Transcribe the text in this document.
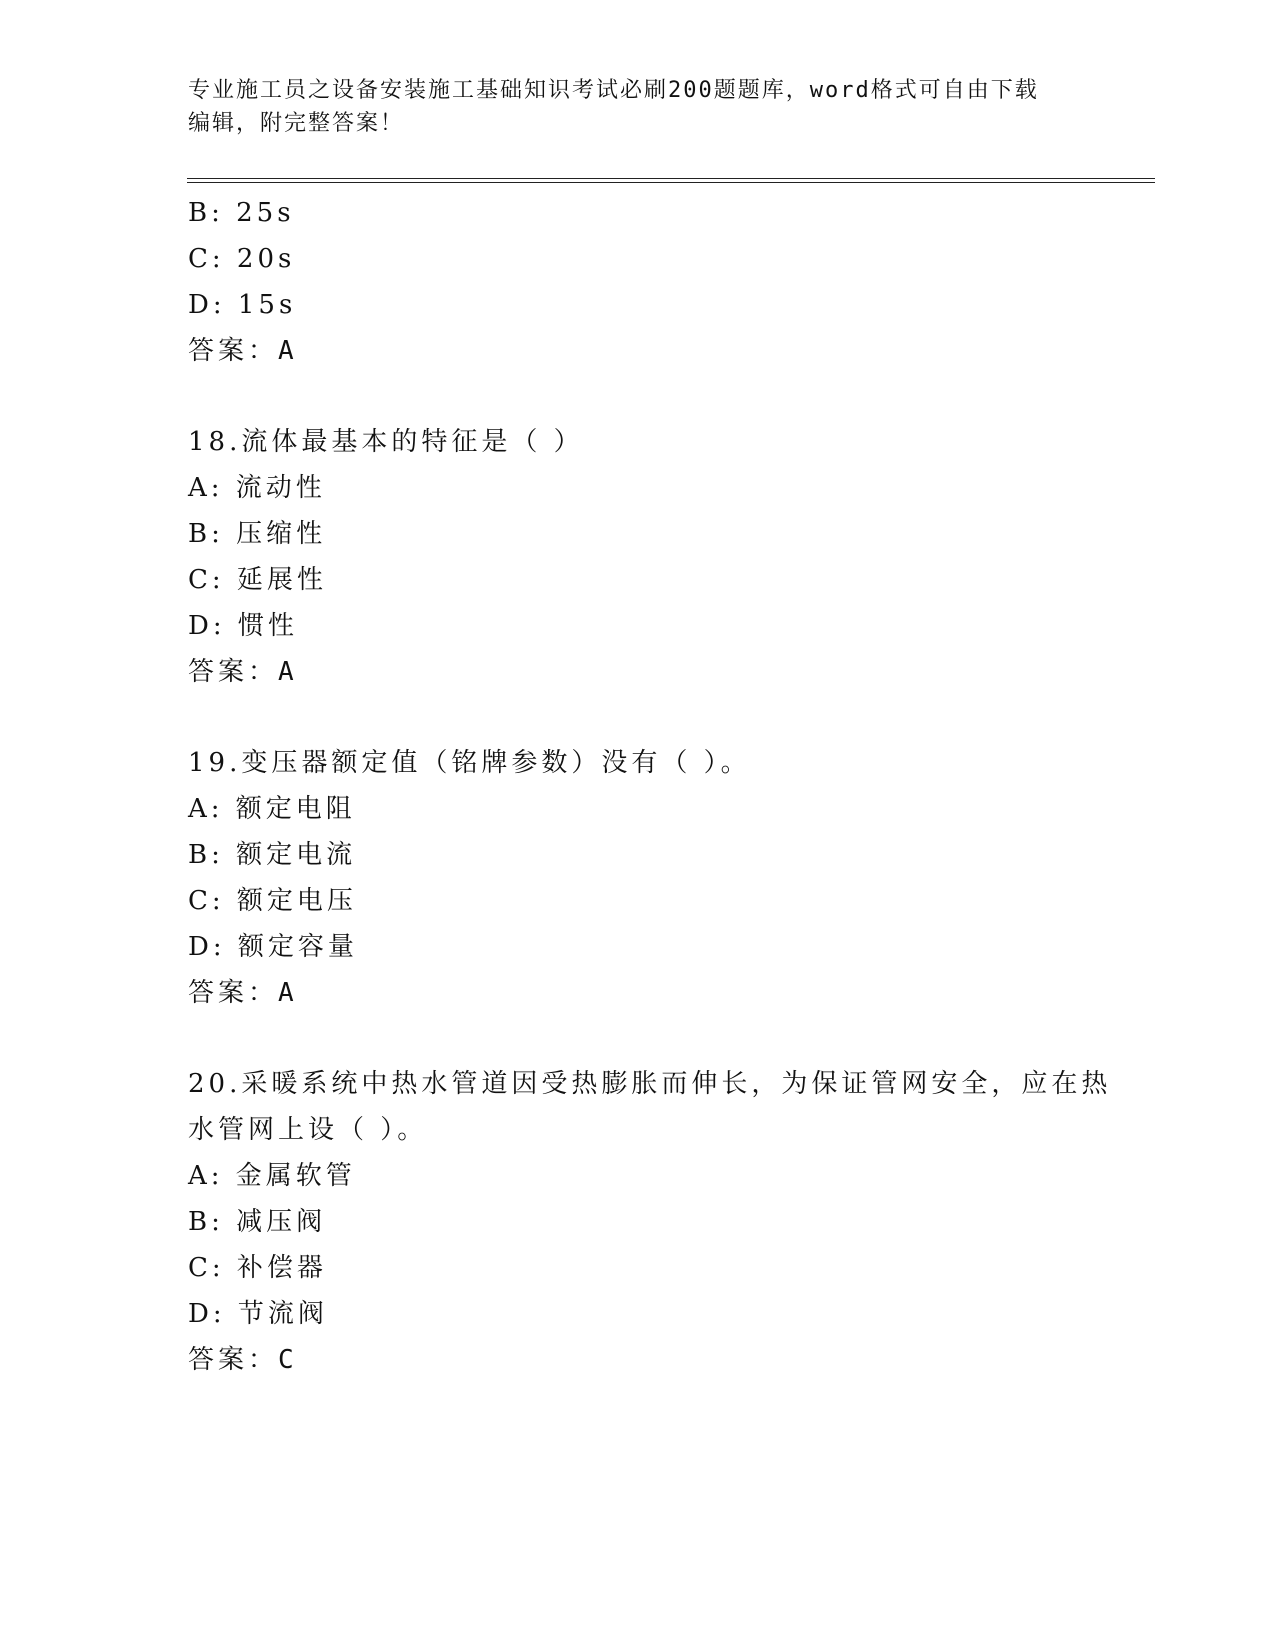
专业施工员之设备安装施工基础知识考试必刷200题题库，word格式可自由下载
编辑，附完整答案！
B: 25s
C: 20s
D: 15s
答案：A
18.流体最基本的特征是（ ）
A: 流动性
B: 压缩性
C: 延展性
D: 惯性
答案：A
19.变压器额定值（铭牌参数）没有（ ）。
A: 额定电阻
B: 额定电流
C: 额定电压
D: 额定容量
答案：A
20.采暖系统中热水管道因受热膨胀而伸长，为保证管网安全，应在热
水管网上设（ ）。
A: 金属软管
B: 减压阀
C: 补偿器
D: 节流阀
答案：C
